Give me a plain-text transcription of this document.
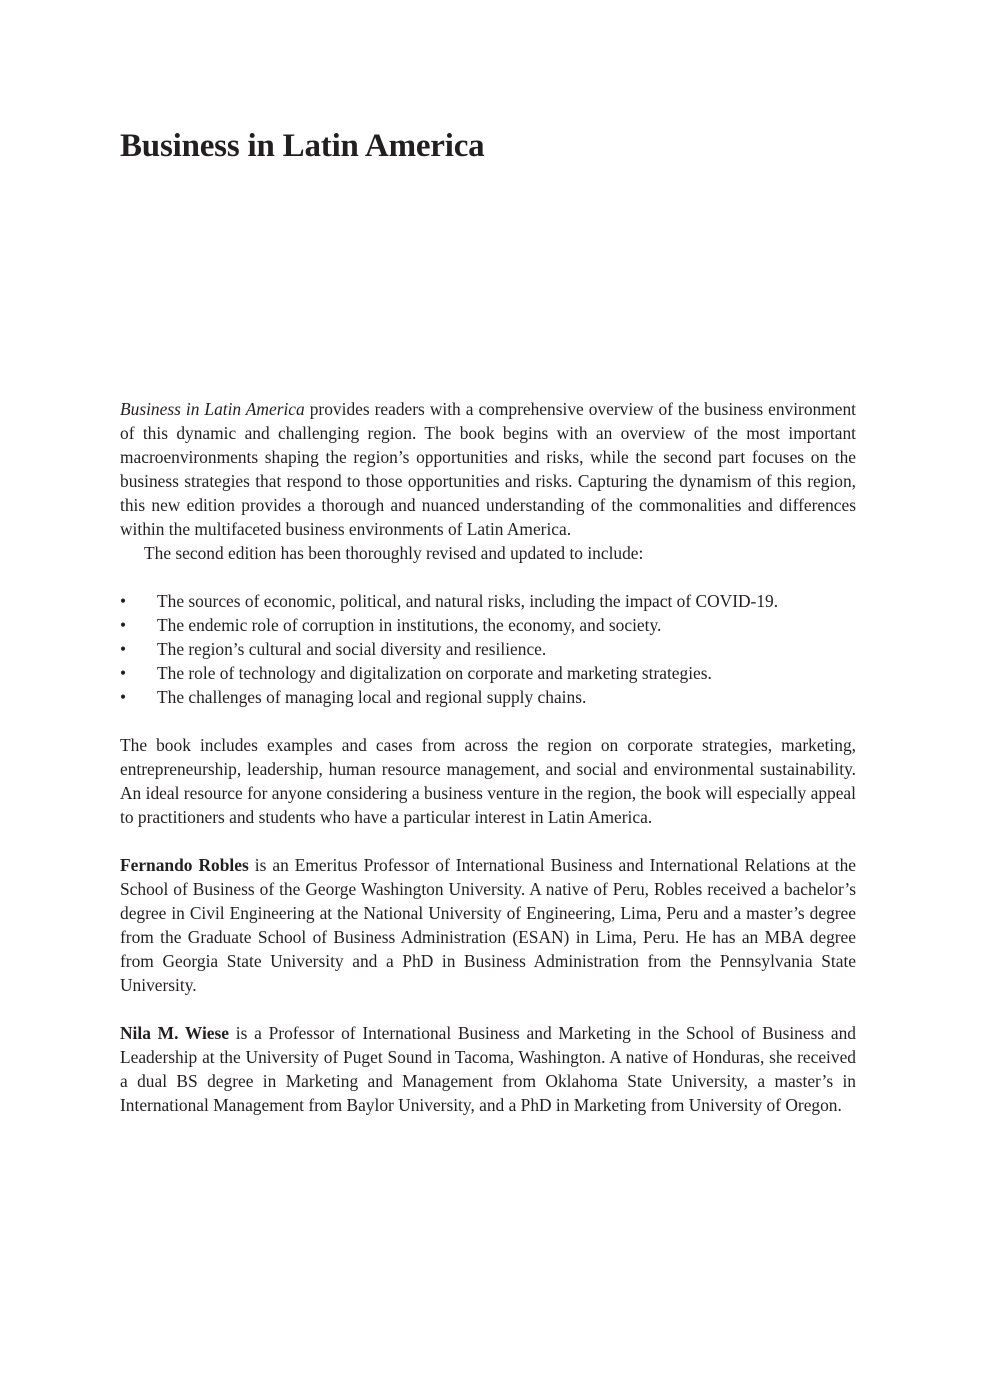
Business in Latin America

Business in Latin America provides readers with a comprehensive overview of the business environment of this dynamic and challenging region. The book begins with an overview of the most important macroenvironments shaping the region’s opportunities and risks, while the second part focuses on the business strategies that respond to those opportunities and risks. Capturing the dynamism of this region, this new edition provides a thorough and nuanced understanding of the commonalities and differences within the multifaceted business environments of Latin America.

The second edition has been thoroughly revised and updated to include:

• The sources of economic, political, and natural risks, including the impact of COVID-19.
• The endemic role of corruption in institutions, the economy, and society.
• The region’s cultural and social diversity and resilience.
• The role of technology and digitalization on corporate and marketing strategies.
• The challenges of managing local and regional supply chains.

The book includes examples and cases from across the region on corporate strategies, marketing, entrepreneurship, leadership, human resource management, and social and environmental sustainability. An ideal resource for anyone considering a business venture in the region, the book will especially appeal to practitioners and students who have a particular interest in Latin America.

Fernando Robles is an Emeritus Professor of International Business and International Relations at the School of Business of the George Washington University. A native of Peru, Robles received a bachelor’s degree in Civil Engineering at the National University of Engineering, Lima, Peru and a master’s degree from the Graduate School of Business Administration (ESAN) in Lima, Peru. He has an MBA degree from Georgia State University and a PhD in Business Administration from the Pennsylvania State University.

Nila M. Wiese is a Professor of International Business and Marketing in the School of Business and Leadership at the University of Puget Sound in Tacoma, Washington. A native of Honduras, she received a dual BS degree in Marketing and Management from Oklahoma State University, a master’s in International Management from Baylor University, and a PhD in Marketing from University of Oregon.
